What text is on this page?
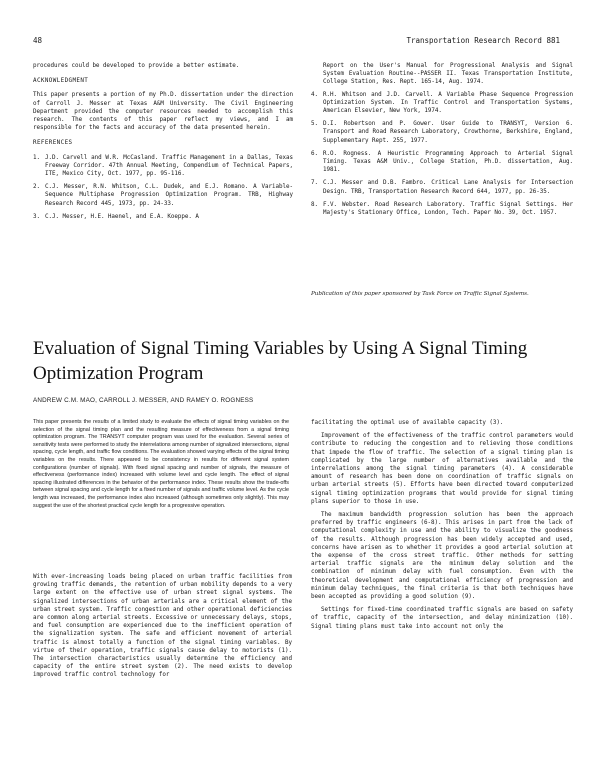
48	Transportation Research Record 881

procedures could be developed to provide a better estimate.

ACKNOWLEDGMENT

This paper presents a portion of my Ph.D. dissertation under the direction of Carroll J. Messer at Texas A&M University. The Civil Engineering Department provided the computer resources needed to accomplish this research. The contents of this paper reflect my views, and I am responsible for the facts and accuracy of the data presented herein.

REFERENCES

1. J.D. Carvell and W.R. McCasland. Traffic Management in a Dallas, Texas Freeway Corridor. 47th Annual Meeting, Compendium of Technical Papers, ITE, Mexico City, Oct. 1977, pp. 95-116.
2. C.J. Messer, R.N. Whitson, C.L. Dudek, and E.J. Romano. A Variable-Sequence Multiphase Progression Optimization Program. TRB, Highway Research Record 445, 1973, pp. 24-33.
3. C.J. Messer, H.E. Haenel, and E.A. Koeppe. A
Report on the User's Manual for Progressional Analysis and Signal System Evaluation Routine--PASSER II. Texas Transportation Institute, College Station, Res. Rept. 165-14, Aug. 1974.
4. R.H. Whitson and J.D. Carvell. A Variable Phase Sequence Progression Optimization System. In Traffic Control and Transportation Systems, American Elsevier, New York, 1974.
5. D.I. Robertson and P. Gower. User Guide to TRANSYT, Version 6. Transport and Road Research Laboratory, Crowthorne, Berkshire, England, Supplementary Rept. 255, 1977.
6. R.O. Rogness. A Heuristic Programming Approach to Arterial Signal Timing. Texas A&M Univ., College Station, Ph.D. dissertation, Aug. 1981.
7. C.J. Messer and D.B. Fambro. Critical Lane Analysis for Intersection Design. TRB, Transportation Research Record 644, 1977, pp. 26-35.
8. F.V. Webster. Road Research Laboratory. Traffic Signal Settings. Her Majesty's Stationary Office, London, Tech. Paper No. 39, Oct. 1957.
Publication of this paper sponsored by Task Force on Traffic Signal Systems.
Evaluation of Signal Timing Variables by Using A Signal Timing Optimization Program
ANDREW C.M. MAO, CARROLL J. MESSER, AND RAMEY O. ROGNESS

This paper presents the results of a limited study to evaluate the effects of signal timing variables on the selection of the signal timing plan and the resulting measure of effectiveness from a signal timing optimization program. The TRANSYT computer program was used for the evaluation. Several series of sensitivity tests were performed to study the interrelations among number of signalized intersections, signal spacing, cycle length, and traffic flow conditions. The evaluation showed varying effects of the signal timing variables on the results. There appeared to be consistency in results for different signal system configurations (number of signals). With fixed signal spacing and number of signals, the measure of effectiveness (performance index) increased with volume level and cycle length. The effect of signal spacing illustrated differences in the behavior of the performance index. These results show the trade-offs between signal spacing and cycle length for a fixed number of signals and traffic volume level. As the cycle length was increased, the performance index also increased (although sometimes only slightly). This may suggest the use of the shortest practical cycle length for a progressive operation.

With ever-increasing loads being placed on urban traffic facilities from growing traffic demands, the retention of urban mobility depends to a very large extent on the effective use of urban street signal systems. The signalized intersections of urban arterials are a critical element of the urban street system. Traffic congestion and other operational deficiencies are common along arterial streets. Excessive or unnecessary delays, stops, and fuel consumption are experienced due to the inefficient operation of the signalization system. The safe and efficient movement of arterial traffic is almost totally a function of the signal timing variables. By virtue of their operation, traffic signals cause delay to motorists (1). The intersection characteristics usually determine the efficiency and capacity of the entire street system (2). The need exists to develop improved traffic control technology for

facilitating the optimal use of available capacity (3).

Improvement of the effectiveness of the traffic control parameters would contribute to reducing the congestion and to relieving those conditions that impede the flow of traffic. The selection of a signal timing plan is complicated by the large number of alternatives available and the interrelations among the signal timing parameters (4). A considerable amount of research has been done on coordination of traffic signals on urban arterial streets (5). Efforts have been directed toward computerized signal timing optimization programs that would provide for signal timing plans superior to those in use.

The maximum bandwidth progression solution has been the approach preferred by traffic engineers (6-8). This arises in part from the lack of computational complexity in use and the ability to visualize the goodness of the results. Although progression has been widely accepted and used, concerns have arisen as to whether it provides a good arterial solution at the expense of the cross street traffic. Other methods for setting arterial traffic signals are the minimum delay solution and the combination of minimum delay with fuel consumption. Even with the theoretical development and computational efficiency of progression and minimum delay techniques, the final criteria is that both techniques have been accepted as providing a good solution (9).

Settings for fixed-time coordinated traffic signals are based on safety of traffic, capacity of the intersection, and delay minimization (10). Signal timing plans must take into account not only the
